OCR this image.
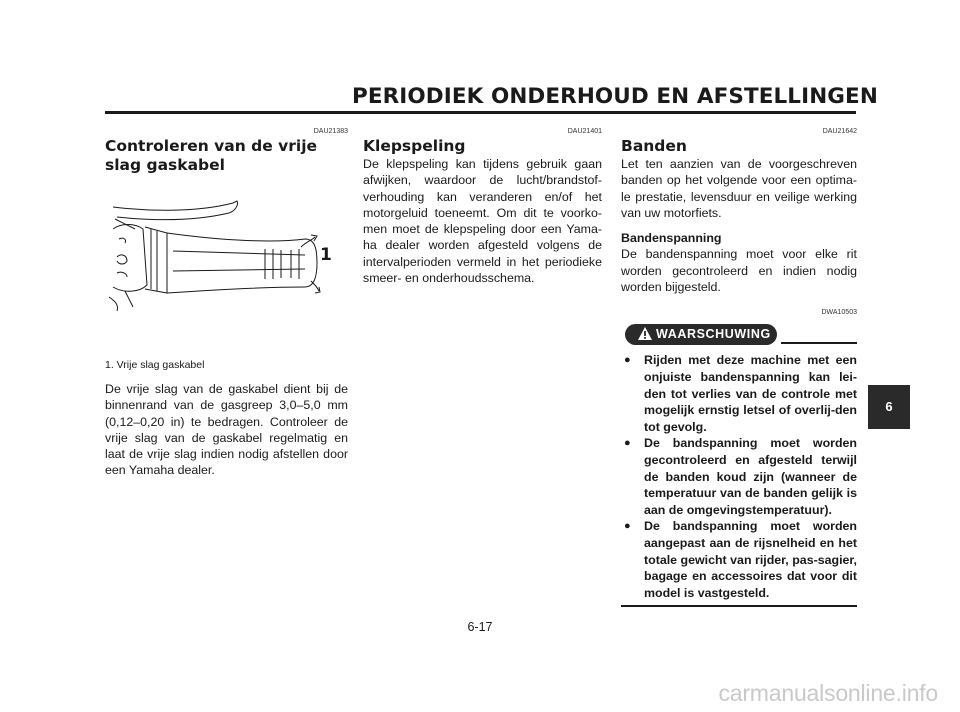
PERIODIEK ONDERHOUD EN AFSTELLINGEN
DAU21383
Controleren van de vrije slag gaskabel
1
1. Vrije slag gaskabel

De vrije slag van de gaskabel dient bij de binnenrand van de gasgreep 3,0–5,0 mm (0,12–0,20 in) te bedragen. Controleer de vrije slag van de gaskabel regelmatig en laat de vrije slag indien nodig afstellen door een Yamaha dealer.

DAU21401
Klepspeling

De klepspeling kan tijdens gebruik gaan afwijken, waardoor de lucht/brandstof-verhouding kan veranderen en/of het motorgeluid toeneemt. Om dit te voorko-men moet de klepspeling door een Yama-ha dealer worden afgesteld volgens de intervalperioden vermeld in het periodieke smeer- en onderhoudsschema.

DAU21642
Banden

Let ten aanzien van de voorgeschreven banden op het volgende voor een optima-le prestatie, levensduur en veilige werking van uw motorfiets.

Bandenspanning

De bandenspanning moet voor elke rit worden gecontroleerd en indien nodig worden bijgesteld.

DWA10503
WAARSCHUWING
● Rijden met deze machine met een onjuiste bandenspanning kan lei-den tot verlies van de controle met mogelijk ernstig letsel of overlij-den tot gevolg.
● De bandspanning moet worden gecontroleerd en afgesteld terwijl de banden koud zijn (wanneer de temperatuur van de banden gelijk is aan de omgevingstemperatuur).
● De bandspanning moet worden aangepast aan de rijsnelheid en het totale gewicht van rijder, pas-sagier, bagage en accessoires dat voor dit model is vastgesteld.
6
6-17
carmanualsonline.info
